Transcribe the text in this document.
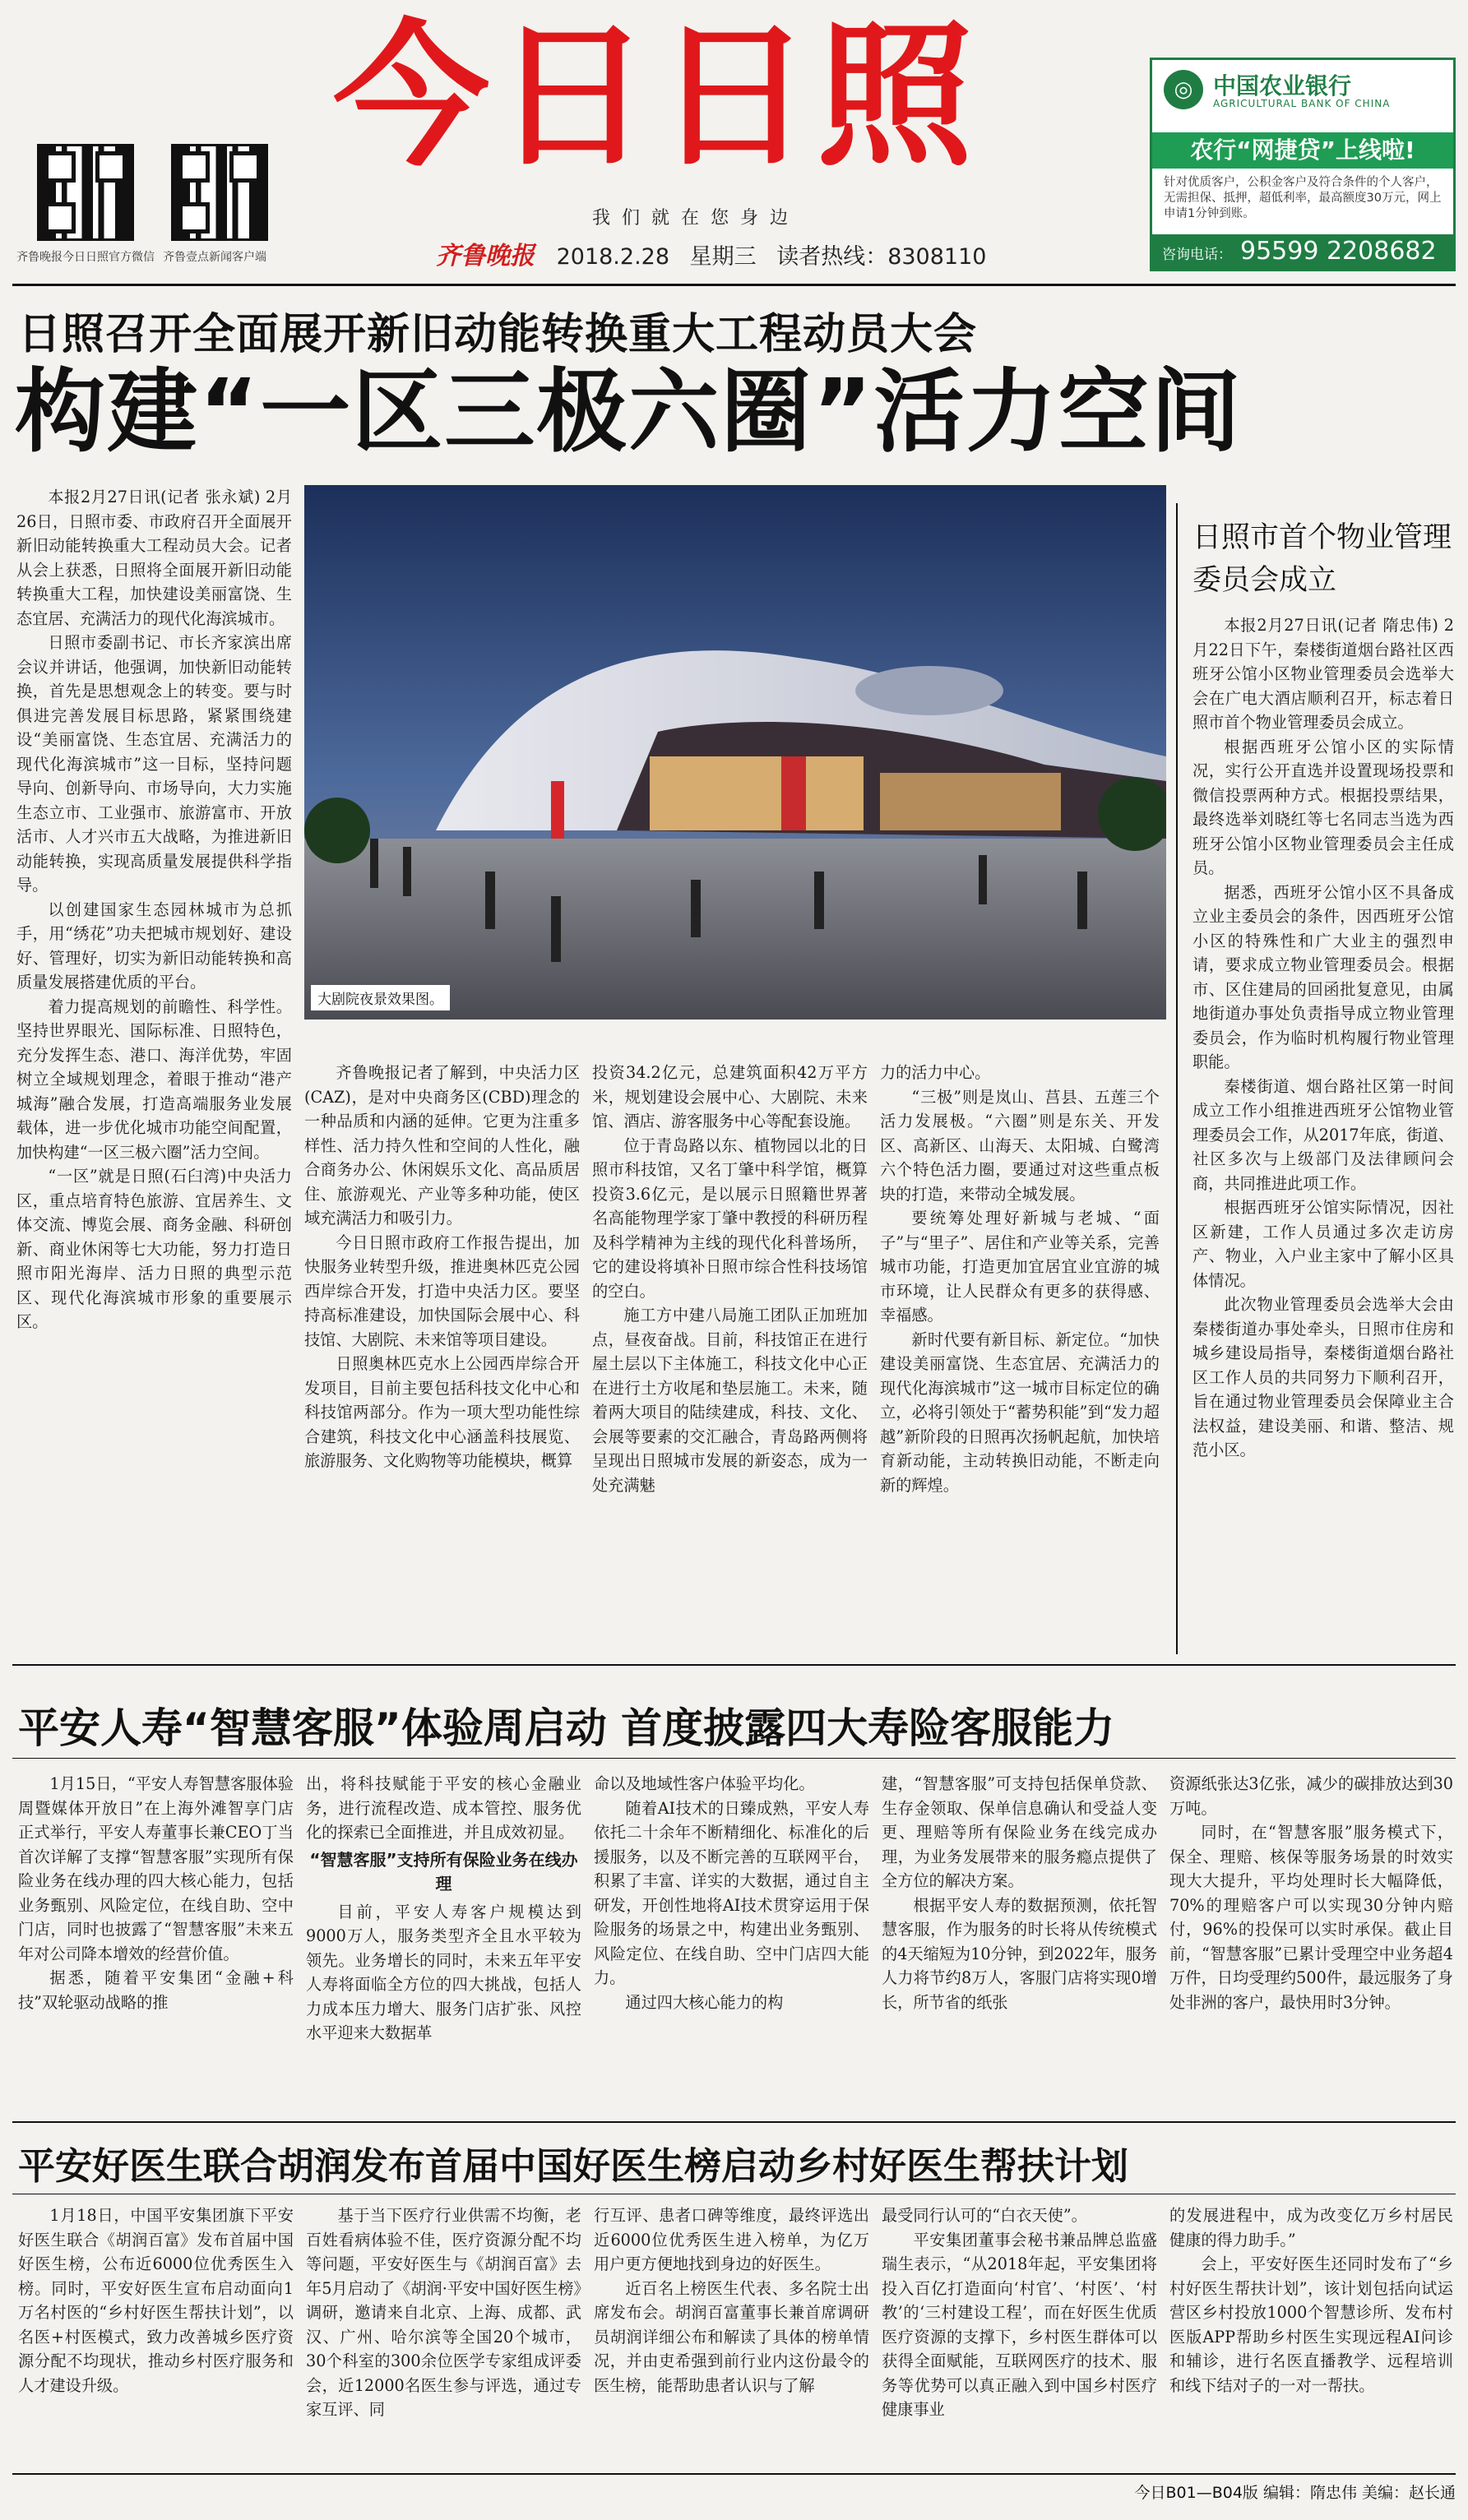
齐鲁晚报今日日照官方微信 齐鲁壹点新闻客户端
今日日照
我们就在您身边
齐鲁晚报 2018.2.28 星期三 读者热线：8308110
◎ 中国农业银行
AGRICULTURAL BANK OF CHINA
农行“网捷贷”上线啦!
针对优质客户，公积金客户及符合条件的个人客户，无需担保、抵押，超低利率，最高额度30万元，网上申请1分钟到账。
咨询电话： 95599 2208682
日照召开全面展开新旧动能转换重大工程动员大会
构建“一区三极六圈”活力空间

本报2月27日讯(记者 张永斌) 2月26日，日照市委、市政府召开全面展开新旧动能转换重大工程动员大会。记者从会上获悉，日照将全面展开新旧动能转换重大工程，加快建设美丽富饶、生态宜居、充满活力的现代化海滨城市。

日照市委副书记、市长齐家滨出席会议并讲话，他强调，加快新旧动能转换，首先是思想观念上的转变。要与时俱进完善发展目标思路，紧紧围绕建设“美丽富饶、生态宜居、充满活力的现代化海滨城市”这一目标，坚持问题导向、创新导向、市场导向，大力实施生态立市、工业强市、旅游富市、开放活市、人才兴市五大战略，为推进新旧动能转换，实现高质量发展提供科学指导。

以创建国家生态园林城市为总抓手，用“绣花”功夫把城市规划好、建设好、管理好，切实为新旧动能转换和高质量发展搭建优质的平台。

着力提高规划的前瞻性、科学性。坚持世界眼光、国际标准、日照特色，充分发挥生态、港口、海洋优势，牢固树立全域规划理念，着眼于推动“港产城海”融合发展，打造高端服务业发展载体，进一步优化城市功能空间配置，加快构建“一区三极六圈”活力空间。

“一区”就是日照(石臼湾)中央活力区，重点培育特色旅游、宜居养生、文体交流、博览会展、商务金融、科研创新、商业休闲等七大功能，努力打造日照市阳光海岸、活力日照的典型示范区、现代化海滨城市形象的重要展示区。

大剧院夜景效果图。

齐鲁晚报记者了解到，中央活力区(CAZ)，是对中央商务区(CBD)理念的一种品质和内涵的延伸。它更为注重多样性、活力持久性和空间的人性化，融合商务办公、休闲娱乐文化、高品质居住、旅游观光、产业等多种功能，使区域充满活力和吸引力。

今日日照市政府工作报告提出，加快服务业转型升级，推进奥林匹克公园西岸综合开发，打造中央活力区。要坚持高标准建设，加快国际会展中心、科技馆、大剧院、未来馆等项目建设。

日照奥林匹克水上公园西岸综合开发项目，目前主要包括科技文化中心和科技馆两部分。作为一项大型功能性综合建筑，科技文化中心涵盖科技展览、旅游服务、文化购物等功能模块，概算

投资34.2亿元，总建筑面积42万平方米，规划建设会展中心、大剧院、未来馆、酒店、游客服务中心等配套设施。

位于青岛路以东、植物园以北的日照市科技馆，又名丁肇中科学馆，概算投资3.6亿元，是以展示日照籍世界著名高能物理学家丁肇中教授的科研历程及科学精神为主线的现代化科普场所，它的建设将填补日照市综合性科技场馆的空白。

施工方中建八局施工团队正加班加点，昼夜奋战。目前，科技馆正在进行屋土层以下主体施工，科技文化中心正在进行土方收尾和垫层施工。未来，随着两大项目的陆续建成，科技、文化、会展等要素的交汇融合，青岛路两侧将呈现出日照城市发展的新姿态，成为一处充满魅

力的活力中心。

“三极”则是岚山、莒县、五莲三个活力发展极。“六圈”则是东关、开发区、高新区、山海天、太阳城、白鹭湾六个特色活力圈，要通过对这些重点板块的打造，来带动全城发展。

要统筹处理好新城与老城、“面子”与“里子”、居住和产业等关系，完善城市功能，打造更加宜居宜业宜游的城市环境，让人民群众有更多的获得感、幸福感。

新时代要有新目标、新定位。“加快建设美丽富饶、生态宜居、充满活力的现代化海滨城市”这一城市目标定位的确立，必将引领处于“蓄势积能”到“发力超越”新阶段的日照再次扬帆起航，加快培育新动能，主动转换旧动能，不断走向新的辉煌。

日照市首个物业管理委员会成立

本报2月27日讯(记者 隋忠伟) 2月22日下午，秦楼街道烟台路社区西班牙公馆小区物业管理委员会选举大会在广电大酒店顺利召开，标志着日照市首个物业管理委员会成立。

根据西班牙公馆小区的实际情况，实行公开直选并设置现场投票和微信投票两种方式。根据投票结果，最终选举刘晓红等七名同志当选为西班牙公馆小区物业管理委员会主任成员。

据悉，西班牙公馆小区不具备成立业主委员会的条件，因西班牙公馆小区的特殊性和广大业主的强烈申请，要求成立物业管理委员会。根据市、区住建局的回函批复意见，由属地街道办事处负责指导成立物业管理委员会，作为临时机构履行物业管理职能。

秦楼街道、烟台路社区第一时间成立工作小组推进西班牙公馆物业管理委员会工作，从2017年底，街道、社区多次与上级部门及法律顾问会商，共同推进此项工作。

根据西班牙公馆实际情况，因社区新建，工作人员通过多次走访房产、物业，入户业主家中了解小区具体情况。

此次物业管理委员会选举大会由秦楼街道办事处牵头，日照市住房和城乡建设局指导，秦楼街道烟台路社区工作人员的共同努力下顺利召开，旨在通过物业管理委员会保障业主合法权益，建设美丽、和谐、整洁、规范小区。

平安人寿“智慧客服”体验周启动 首度披露四大寿险客服能力

1月15日，“平安人寿智慧客服体验周暨媒体开放日”在上海外滩智享门店正式举行，平安人寿董事长兼CEO丁当首次详解了支撑“智慧客服”实现所有保险业务在线办理的四大核心能力，包括业务甄别、风险定位，在线自助、空中门店，同时也披露了“智慧客服”未来五年对公司降本增效的经营价值。

据悉，随着平安集团“金融+科技”双轮驱动战略的推

出，将科技赋能于平安的核心金融业务，进行流程改造、成本管控、服务优化的探索已全面推进，并且成效初显。

“智慧客服”支持所有保险业务在线办理

目前，平安人寿客户规模达到9000万人，服务类型齐全且水平较为领先。业务增长的同时，未来五年平安人寿将面临全方位的四大挑战，包括人力成本压力增大、服务门店扩张、风控水平迎来大数据革

命以及地域性客户体验平均化。

随着AI技术的日臻成熟，平安人寿依托二十余年不断精细化、标准化的后援服务，以及不断完善的互联网平台，积累了丰富、详实的大数据，通过自主研发，开创性地将AI技术贯穿运用于保险服务的场景之中，构建出业务甄别、风险定位、在线自助、空中门店四大能力。

通过四大核心能力的构

建，“智慧客服”可支持包括保单贷款、生存金领取、保单信息确认和受益人变更、理赔等所有保险业务在线完成办理，为业务发展带来的服务瘾点提供了全方位的解决方案。

根据平安人寿的数据预测，依托智慧客服，作为服务的时长将从传统模式的4天缩短为10分钟，到2022年，服务人力将节约8万人，客服门店将实现0增长，所节省的纸张

资源纸张达3亿张，减少的碳排放达到30万吨。

同时，在“智慧客服”服务模式下，保全、理赔、核保等服务场景的时效实现大大提升，平均处理时长大幅降低，70%的理赔客户可以实现30分钟内赔付，96%的投保可以实时承保。截止目前，“智慧客服”已累计受理空中业务超4万件，日均受理约500件，最远服务了身处非洲的客户，最快用时3分钟。

平安好医生联合胡润发布首届中国好医生榜启动乡村好医生帮扶计划

1月18日，中国平安集团旗下平安好医生联合《胡润百富》发布首届中国好医生榜，公布近6000位优秀医生入榜。同时，平安好医生宣布启动面向1万名村医的“乡村好医生帮扶计划”，以名医+村医模式，致力改善城乡医疗资源分配不均现状，推动乡村医疗服务和人才建设升级。

基于当下医疗行业供需不均衡，老百姓看病体验不佳，医疗资源分配不均等问题，平安好医生与《胡润百富》去年5月启动了《胡润·平安中国好医生榜》调研，邀请来自北京、上海、成都、武汉、广州、哈尔滨等全国20个城市，30个科室的300余位医学专家组成评委会，近12000名医生参与评选，通过专家互评、同

行互评、患者口碑等维度，最终评选出近6000位优秀医生进入榜单，为亿万用户更方便地找到身边的好医生。

近百名上榜医生代表、多名院士出席发布会。胡润百富董事长兼首席调研员胡润详细公布和解读了具体的榜单情况，并由吏希强到前行业内这份最令的医生榜，能帮助患者认识与了解

最受同行认可的“白衣天使”。

平安集团董事会秘书兼品牌总监盛瑞生表示，“从2018年起，平安集团将投入百亿打造面向‘村官’、‘村医’、‘村教’的‘三村建设工程’，而在好医生优质医疗资源的支撑下，乡村医生群体可以获得全面赋能，互联网医疗的技术、服务等优势可以真正融入到中国乡村医疗健康事业

的发展进程中，成为改变亿万乡村居民健康的得力助手。”

会上，平安好医生还同时发布了“乡村好医生帮扶计划”，该计划包括向试运营区乡村投放1000个智慧诊所、发布村医版APP帮助乡村医生实现远程AI问诊和辅诊，进行名医直播教学、远程培训和线下结对子的一对一帮扶。

今日B01—B04版 编辑：隋忠伟 美编：赵长通
